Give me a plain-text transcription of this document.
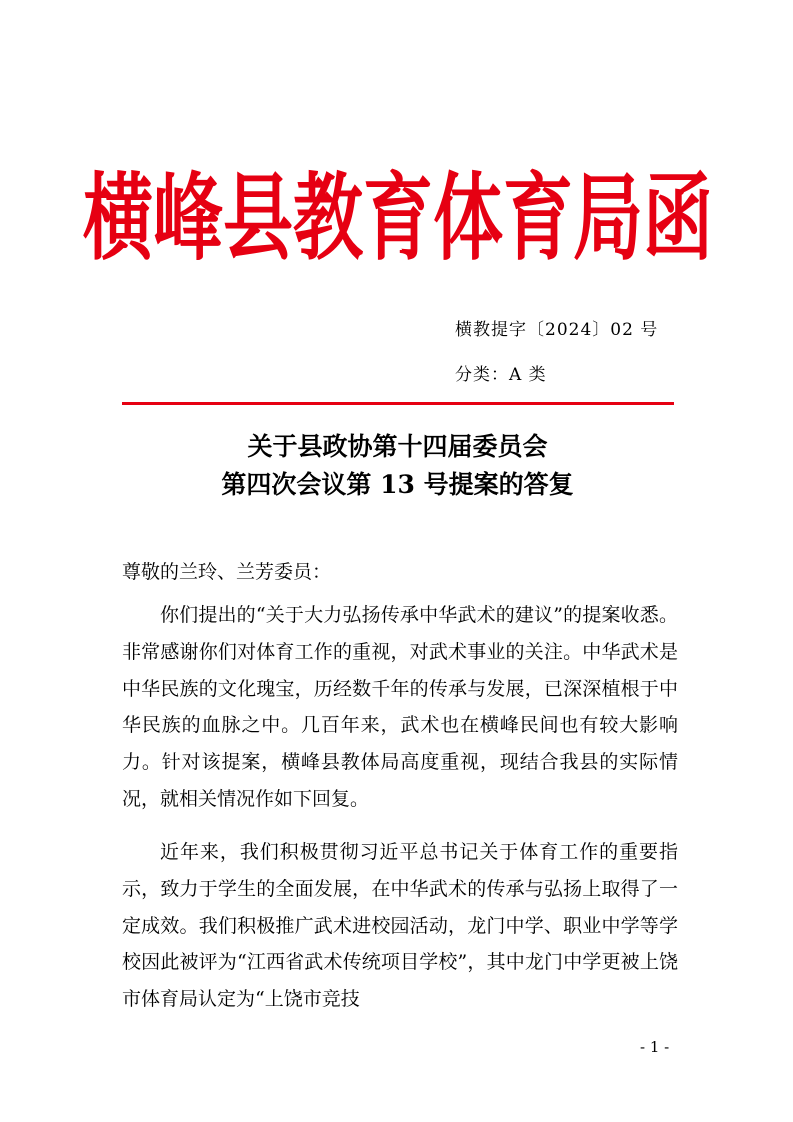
横峰县教育体育局函
横教提字〔2024〕02 号
分类：A 类
关于县政协第十四届委员会
第四次会议第 13 号提案的答复
尊敬的兰玲、兰芳委员：
你们提出的“关于大力弘扬传承中华武术的建议”的提案收悉。非常感谢你们对体育工作的重视，对武术事业的关注。中华武术是中华民族的文化瑰宝，历经数千年的传承与发展，已深深植根于中华民族的血脉之中。几百年来，武术也在横峰民间也有较大影响力。针对该提案，横峰县教体局高度重视，现结合我县的实际情况，就相关情况作如下回复。
近年来，我们积极贯彻习近平总书记关于体育工作的重要指示，致力于学生的全面发展，在中华武术的传承与弘扬上取得了一定成效。我们积极推广武术进校园活动，龙门中学、职业中学等学校因此被评为“江西省武术传统项目学校”，其中龙门中学更被上饶市体育局认定为“上饶市竞技
- 1 -
